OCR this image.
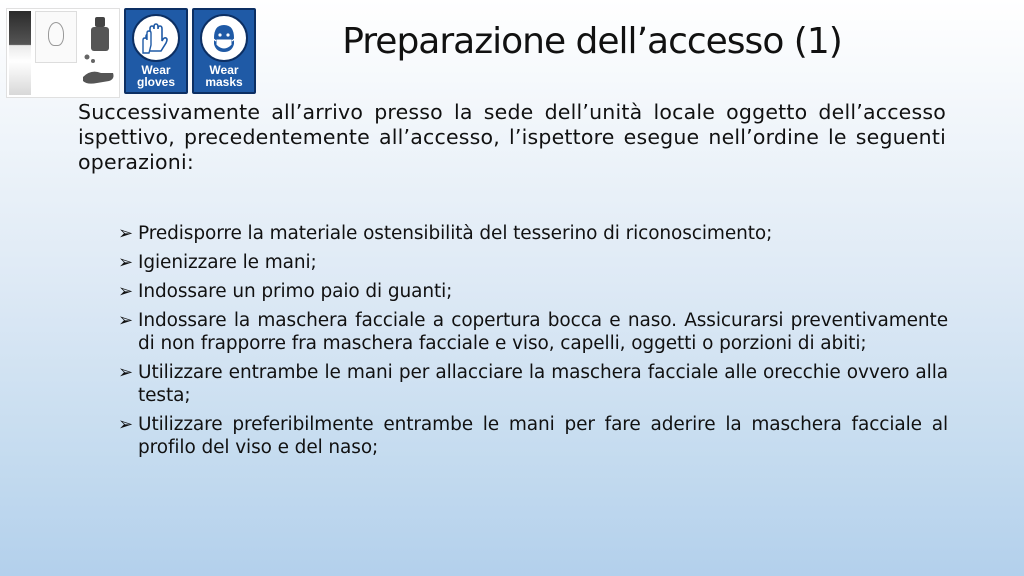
Wear
gloves
Wear
masks
Preparazione dell’accesso (1)
Successivamente all’arrivo presso la sede dell’unità locale oggetto dell’accesso ispettivo, precedentemente all’accesso, l’ispettore esegue nell’ordine le seguenti operazioni:
➢ Predisporre la materiale ostensibilità del tesserino di riconoscimento;
➢ Igienizzare le mani;
➢ Indossare un primo paio di guanti;
➢ Indossare la maschera facciale a copertura bocca e naso. Assicurarsi preventivamente di non frapporre fra maschera facciale e viso, capelli, oggetti o porzioni di abiti;
➢ Utilizzare entrambe le mani per allacciare la maschera facciale alle orecchie ovvero alla testa;
➢ Utilizzare preferibilmente entrambe le mani per fare aderire la maschera facciale al profilo del viso e del naso;
